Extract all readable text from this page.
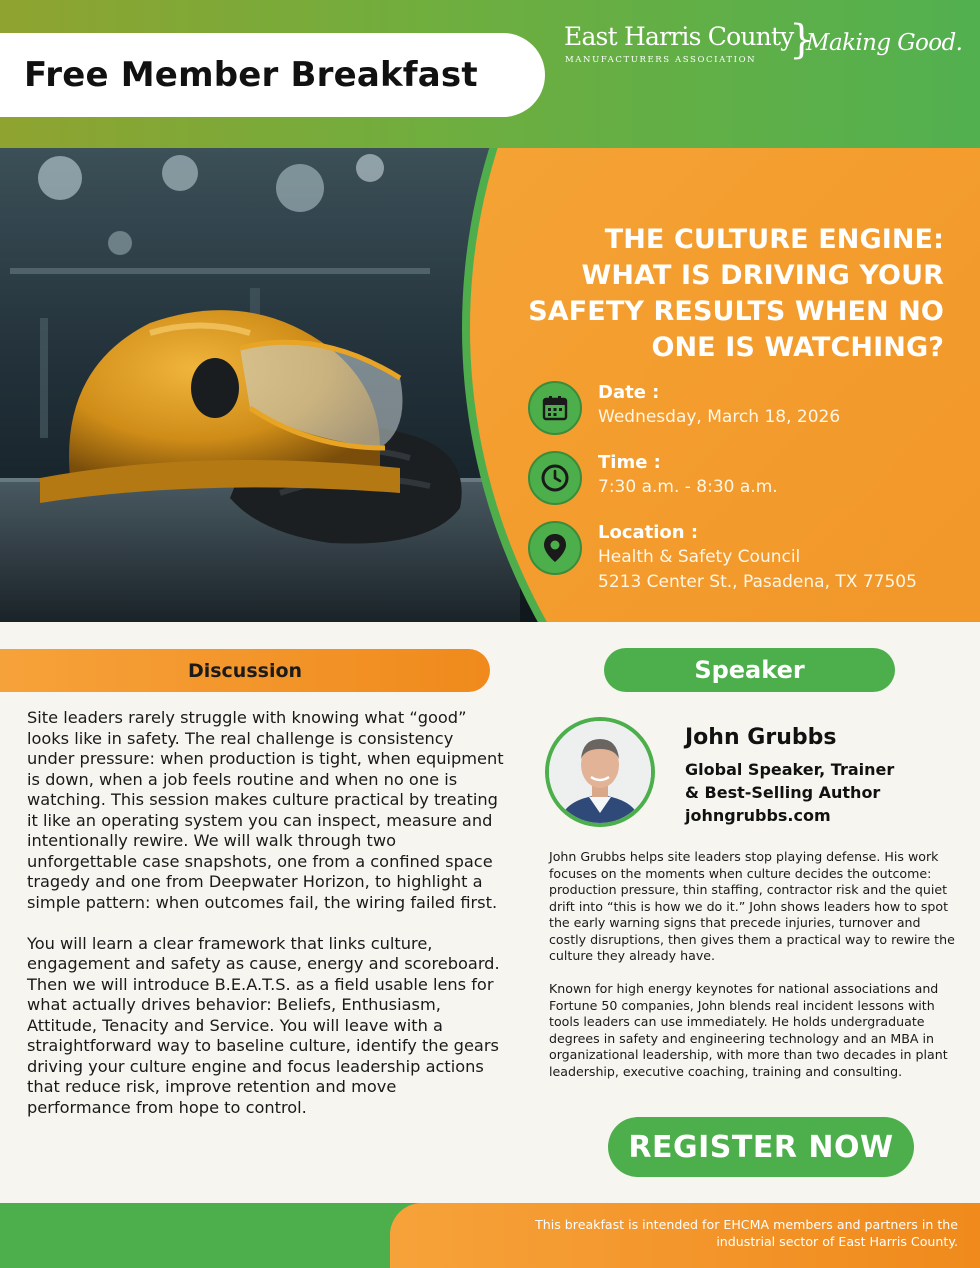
Free Member Breakfast
East Harris County
MANUFACTURERS ASSOCIATION }
Making Good.
THE CULTURE ENGINE:
WHAT IS DRIVING YOUR
SAFETY RESULTS WHEN NO
ONE IS WATCHING?
Date :
Wednesday, March 18, 2026
Time :
7:30 a.m. - 8:30 a.m.
Location :
Health & Safety Council
5213 Center St., Pasadena, TX 77505
Discussion

Site leaders rarely struggle with knowing what “good” looks like in safety. The real challenge is consistency under pressure: when production is tight, when equipment is down, when a job feels routine and when no one is watching. This session makes culture practical by treating it like an operating system you can inspect, measure and intentionally rewire. We will walk through two unforgettable case snapshots, one from a confined space tragedy and one from Deepwater Horizon, to highlight a simple pattern: when outcomes fail, the wiring failed first.

You will learn a clear framework that links culture, engagement and safety as cause, energy and scoreboard. Then we will introduce B.E.A.T.S. as a field usable lens for what actually drives behavior: Beliefs, Enthusiasm, Attitude, Tenacity and Service. You will leave with a straightforward way to baseline culture, identify the gears driving your culture engine and focus leadership actions that reduce risk, improve retention and move performance from hope to control.

Speaker
John Grubbs
Global Speaker, Trainer
& Best-Selling Author
johngrubbs.com

John Grubbs helps site leaders stop playing defense. His work focuses on the moments when culture decides the outcome: production pressure, thin staffing, contractor risk and the quiet drift into “this is how we do it.” John shows leaders how to spot the early warning signs that precede injuries, turnover and costly disruptions, then gives them a practical way to rewire the culture they already have.

Known for high energy keynotes for national associations and Fortune 50 companies, John blends real incident lessons with tools leaders can use immediately. He holds undergraduate degrees in safety and engineering technology and an MBA in organizational leadership, with more than two decades in plant leadership, executive coaching, training and consulting.

REGISTER NOW
This breakfast is intended for EHCMA members and partners in the industrial sector of East Harris County.
